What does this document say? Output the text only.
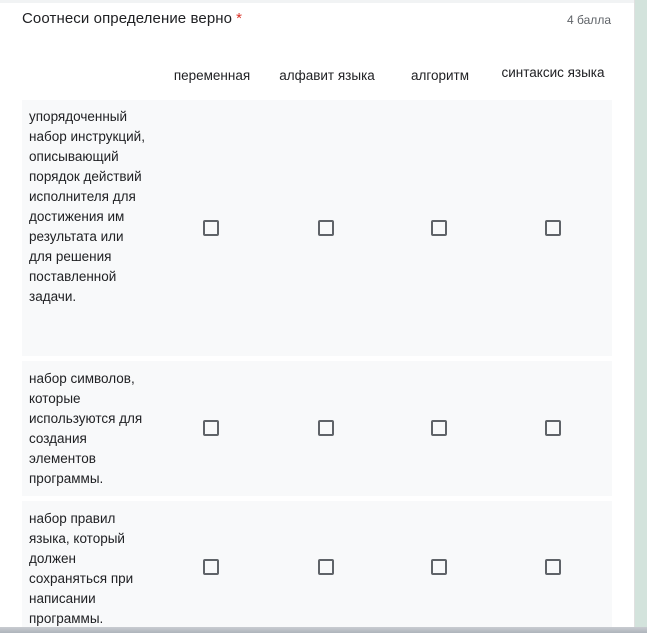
Соотнеси определение верно *	4 балла
переменная	алфавит языка	алгоритм	синтаксис языка
упорядоченный набор инструкций, описывающий порядок действий исполнителя для достижения им результата или для решения поставленной задачи.
набор символов, которые используются для создания элементов программы.
набор правил языка, который должен сохраняться при написании программы.
